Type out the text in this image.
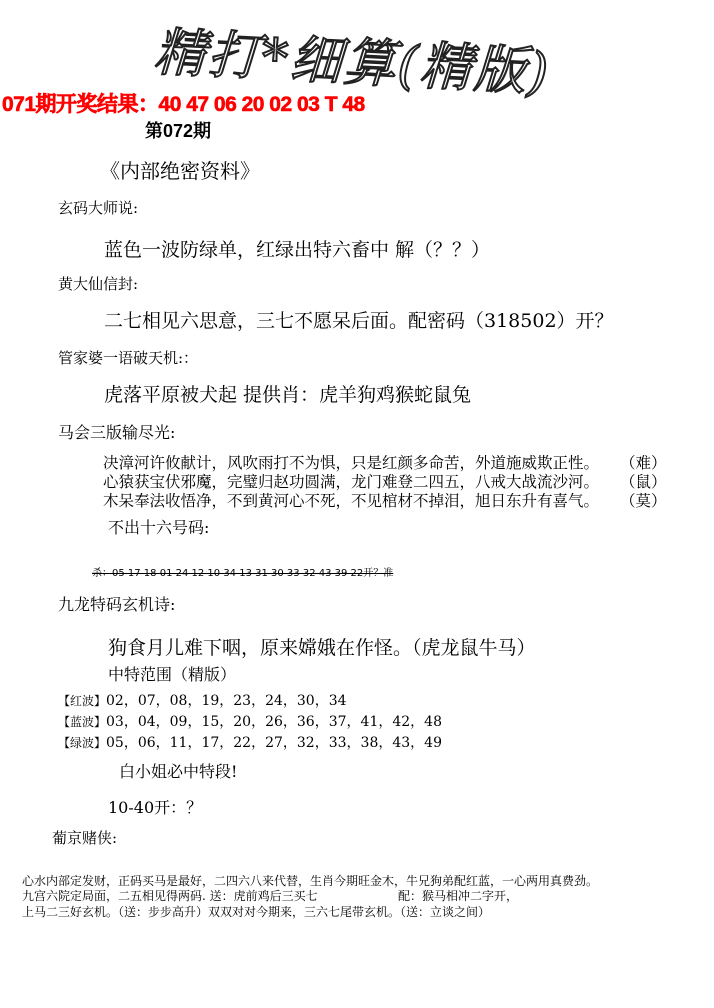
精打*细算(精版)
071期开奖结果：40 47 06 20 02 03 T 48
第072期
《内部绝密资料》
玄码大师说:
蓝色一波防绿单，红绿出特六畜中 解（？？）
黄大仙信封:
二七相见六思意，三七不愿呆后面。配密码（318502）开？
管家婆一语破天机:：
虎落平原被犬起 提供肖：虎羊狗鸡猴蛇鼠兔
马会三版输尽光:
决漳河许攸献计，风吹雨打不为惧，只是红颜多命苦，外道施威欺正性。 （难）
心猿获宝伏邪魔，完璧归赵功圆满，龙门难登二四五，八戒大战流沙河。 （鼠）
木呆奉法收悟净，不到黄河心不死，不见棺材不掉泪，旭日东升有喜气。 （莫）
不出十六号码:
杀：05 17 18 01 24 12 10 34 13 31 30 33 32 43 39 22开？准
九龙特码玄机诗:
狗食月儿难下咽，原来嫦娥在作怪。（虎龙鼠牛马）
中特范围（精版）
【红波】02，07，08，19，23，24，30，34
【蓝波】03，04，09，15，20，26，36，37，41，42，48
【绿波】05，06，11，17，22，27，32，33，38，43，49
白小姐必中特段!
10-40开：？
葡京赌侠:
心水内部定发财，正码买马是最好，二四六八来代替，生肖今期旺金木，牛兄狗弟配红蓝，一心两用真费劲。
九宫六院定局面，二五相见得两码. 送：虎前鸡后三买七	配：猴马相冲二字开，
上马二三好玄机。（送：步步高升）双双对对今期来，三六七尾带玄机。（送：立谈之间）
